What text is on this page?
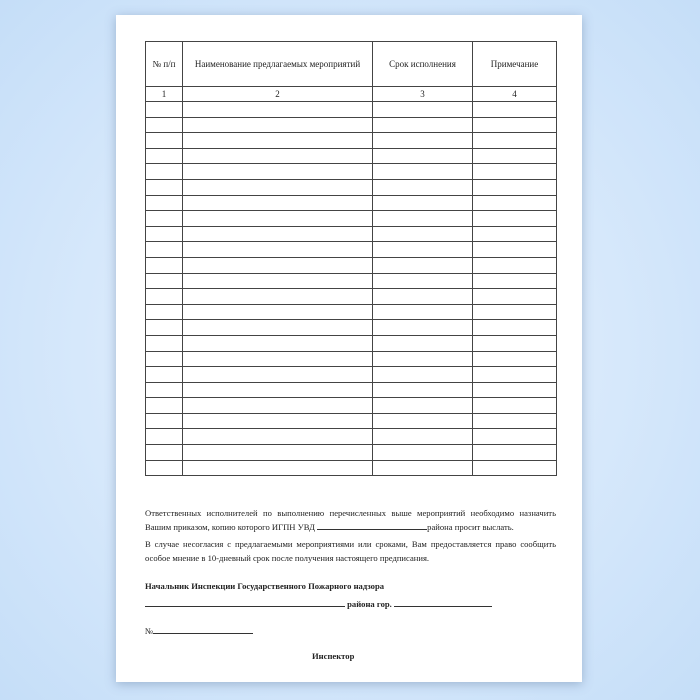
№ п/п	Наименование предлагаемых мероприятий	Срок исполнения	Примечание
1	2	3	4

Ответственных исполнителей по выполнению перечисленных выше мероприятий необходимо назначить Вашим приказом, копию которого ИГПН УВД	района просит выслать.
В случае несогласия с предлагаемыми мероприятиями или сроками, Вам предоставляется право сообщить особое мнение в 10-дневный срок после получения настоящего предписания.
Начальник Инспекции Государственного Пожарного надзора
района гор.
№
Инспектор
